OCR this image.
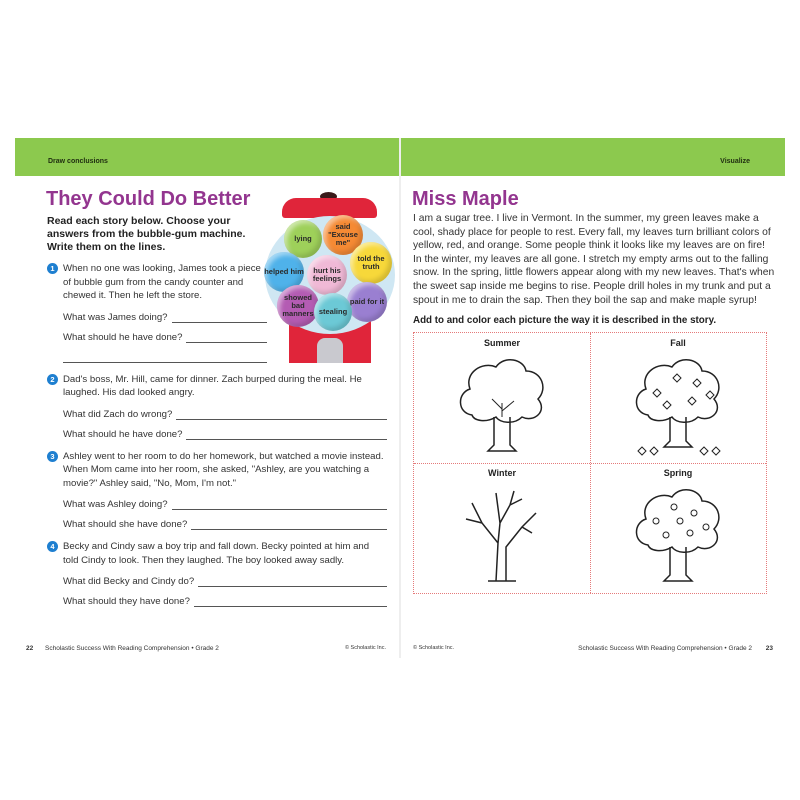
Draw conclusions
They Could Do Better
lying
said "Excuse me"
helped him
told the truth
hurt his feelings
showed bad manners
paid for it
stealing
Read each story below. Choose your answers from the bubble-gum machine. Write them on the lines.
1 When no one was looking, James took a piece of bubble gum from the candy counter and chewed it. Then he left the store.
What was James doing?
What should he have done?
2 Dad's boss, Mr. Hill, came for dinner. Zach burped during the meal. He laughed. His dad looked angry.
What did Zach do wrong?
What should he have done?
3 Ashley went to her room to do her homework, but watched a movie instead. When Mom came into her room, she asked, "Ashley, are you watching a movie?" Ashley said, "No, Mom, I'm not."
What was Ashley doing?
What should she have done?
4 Becky and Cindy saw a boy trip and fall down. Becky pointed at him and told Cindy to look. Then they laughed. The boy looked away sadly.
What did Becky and Cindy do?
What should they have done?
22 Scholastic Success With Reading Comprehension • Grade 2	© Scholastic Inc.
Visualize
Miss Maple
I am a sugar tree. I live in Vermont. In the summer, my green leaves make a cool, shady place for people to rest. Every fall, my leaves turn brilliant colors of yellow, red, and orange. Some people think it looks like my leaves are on fire! In the winter, my leaves are all gone. I stretch my empty arms out to the falling snow. In the spring, little flowers appear along with my new leaves. That's when the sweet sap inside me begins to rise. People drill holes in my trunk and put a spout in me to drain the sap. Then they boil the sap and make maple syrup!
Add to and color each picture the way it is described in the story.
Summer	Fall
Winter	Spring
© Scholastic Inc.	Scholastic Success With Reading Comprehension • Grade 2 23
